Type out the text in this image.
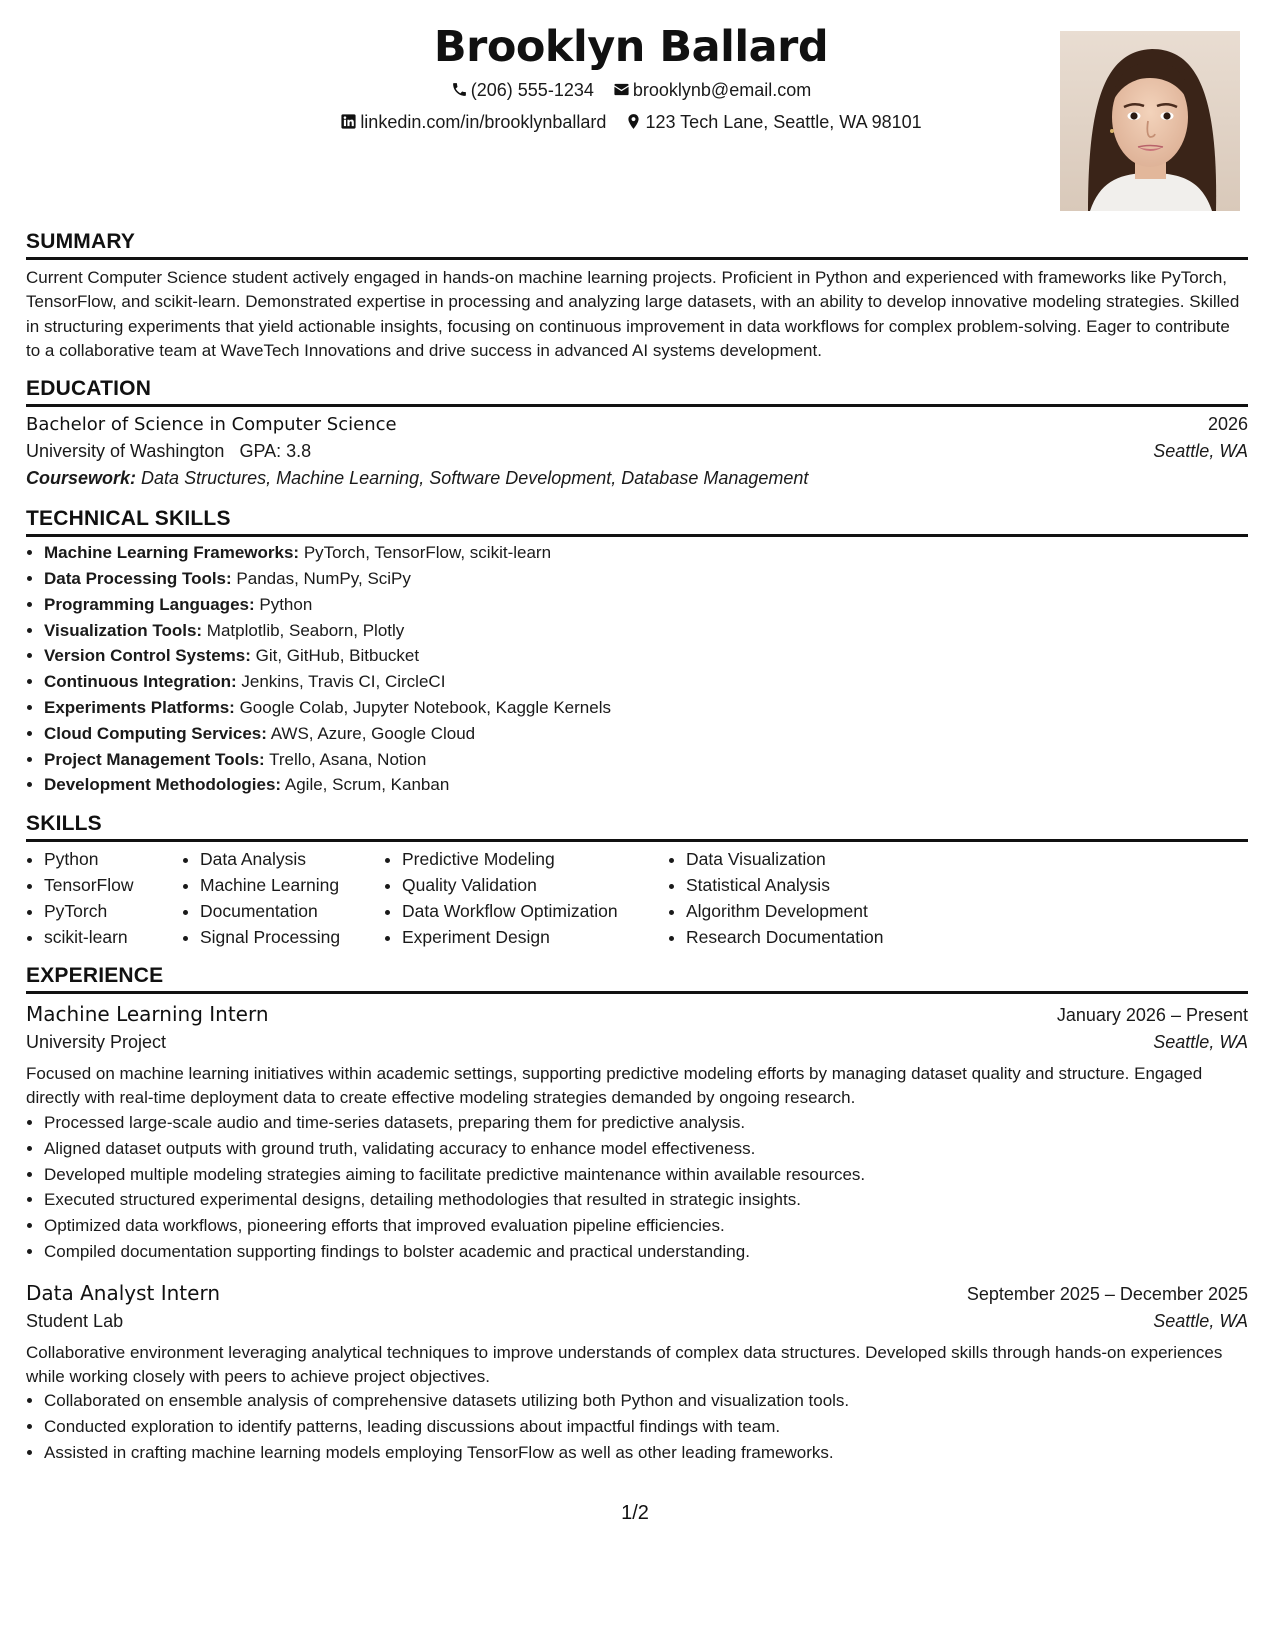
Brooklyn Ballard
(206) 555-1234 brooklynb@email.com
linkedin.com/in/brooklynballard 123 Tech Lane, Seattle, WA 98101
SUMMARY
Current Computer Science student actively engaged in hands-on machine learning projects. Proficient in Python and experienced with frameworks like PyTorch, TensorFlow, and scikit-learn. Demonstrated expertise in processing and analyzing large datasets, with an ability to develop innovative modeling strategies. Skilled in structuring experiments that yield actionable insights, focusing on continuous improvement in data workflows for complex problem-solving. Eager to contribute to a collaborative team at WaveTech Innovations and drive success in advanced AI systems development.
EDUCATION
Bachelor of Science in Computer Science	2026
University of Washington GPA: 3.8	Seattle, WA
Coursework: Data Structures, Machine Learning, Software Development, Database Management
TECHNICAL SKILLS
• Machine Learning Frameworks: PyTorch, TensorFlow, scikit-learn
• Data Processing Tools: Pandas, NumPy, SciPy
• Programming Languages: Python
• Visualization Tools: Matplotlib, Seaborn, Plotly
• Version Control Systems: Git, GitHub, Bitbucket
• Continuous Integration: Jenkins, Travis CI, CircleCI
• Experiments Platforms: Google Colab, Jupyter Notebook, Kaggle Kernels
• Cloud Computing Services: AWS, Azure, Google Cloud
• Project Management Tools: Trello, Asana, Notion
• Development Methodologies: Agile, Scrum, Kanban
SKILLS
• Python
• TensorFlow
• PyTorch
• scikit-learn
• Data Analysis
• Machine Learning
• Documentation
• Signal Processing
• Predictive Modeling
• Quality Validation
• Data Workflow Optimization
• Experiment Design
• Data Visualization
• Statistical Analysis
• Algorithm Development
• Research Documentation
EXPERIENCE
Machine Learning Intern	January 2026 – Present
University Project	Seattle, WA
Focused on machine learning initiatives within academic settings, supporting predictive modeling efforts by managing dataset quality and structure. Engaged directly with real-time deployment data to create effective modeling strategies demanded by ongoing research.
• Processed large-scale audio and time-series datasets, preparing them for predictive analysis.
• Aligned dataset outputs with ground truth, validating accuracy to enhance model effectiveness.
• Developed multiple modeling strategies aiming to facilitate predictive maintenance within available resources.
• Executed structured experimental designs, detailing methodologies that resulted in strategic insights.
• Optimized data workflows, pioneering efforts that improved evaluation pipeline efficiencies.
• Compiled documentation supporting findings to bolster academic and practical understanding.
Data Analyst Intern	September 2025 – December 2025
Student Lab	Seattle, WA
Collaborative environment leveraging analytical techniques to improve understands of complex data structures. Developed skills through hands-on experiences while working closely with peers to achieve project objectives.
• Collaborated on ensemble analysis of comprehensive datasets utilizing both Python and visualization tools.
• Conducted exploration to identify patterns, leading discussions about impactful findings with team.
• Assisted in crafting machine learning models employing TensorFlow as well as other leading frameworks.
1/2
